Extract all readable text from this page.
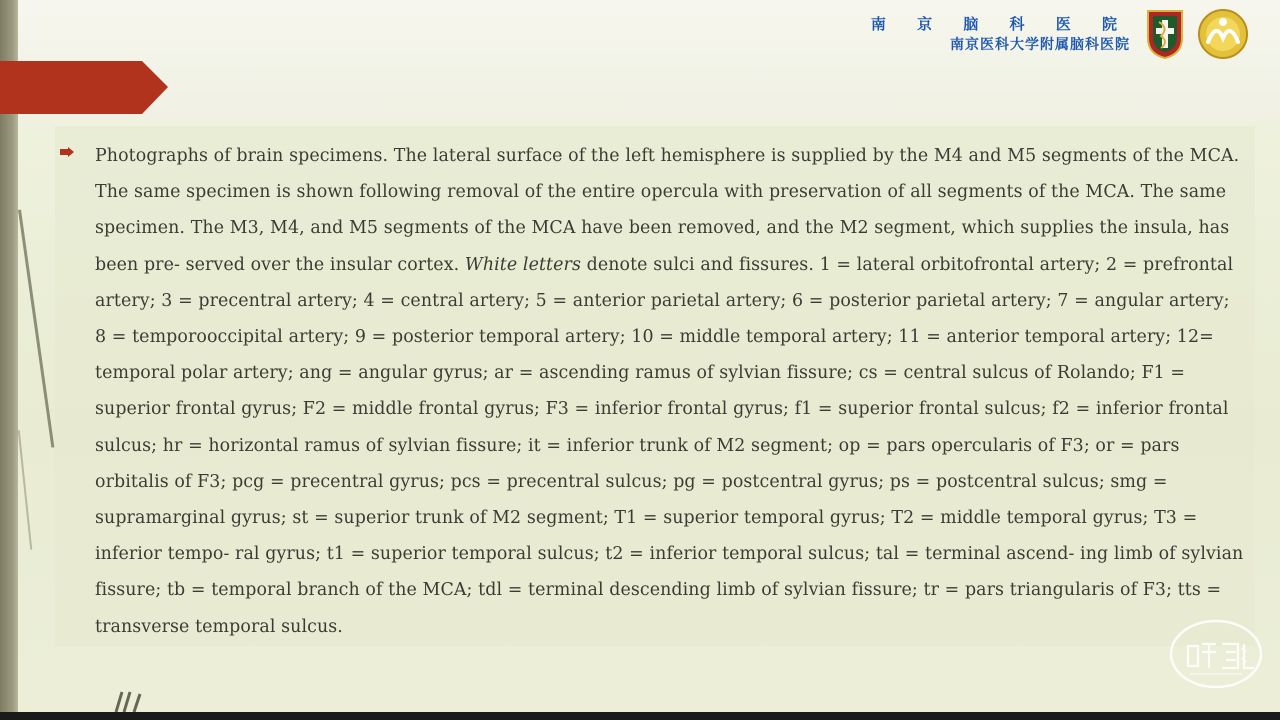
南 京 脑 科 医 院
南京医科大学附属脑科医院
Photographs of brain specimens. The lateral surface of the left hemisphere is supplied by the M4 and M5 segments of the MCA. The same specimen is shown following removal of the entire opercula with preservation of all segments of the MCA. The same specimen. The M3, M4, and M5 segments of the MCA have been removed, and the M2 segment, which supplies the insula, has been pre- served over the insular cortex. White letters denote sulci and fissures. 1 = lateral orbitofrontal artery; 2 = prefrontal artery; 3 = precentral artery; 4 = central artery; 5 = anterior parietal artery; 6 = posterior parietal artery; 7 = angular artery; 8 = temporooccipital artery; 9 = posterior temporal artery; 10 = middle temporal artery; 11 = anterior temporal artery; 12= temporal polar artery; ang = angular gyrus; ar = ascending ramus of sylvian fissure; cs = central sulcus of Rolando; F1 = superior frontal gyrus; F2 = middle frontal gyrus; F3 = inferior frontal gyrus; f1 = superior frontal sulcus; f2 = inferior frontal sulcus; hr = horizontal ramus of sylvian fissure; it = inferior trunk of M2 segment; op = pars opercularis of F3; or = pars orbitalis of F3; pcg = precentral gyrus; pcs = precentral sulcus; pg = postcentral gyrus; ps = postcentral sulcus; smg = supramarginal gyrus; st = superior trunk of M2 segment; T1 = superior temporal gyrus; T2 = middle temporal gyrus; T3 = inferior tempo- ral gyrus; t1 = superior temporal sulcus; t2 = inferior temporal sulcus; tal = terminal ascend- ing limb of sylvian fissure; tb = temporal branch of the MCA; tdl = terminal descending limb of sylvian fissure; tr = pars triangularis of F3; tts = transverse temporal sulcus.
